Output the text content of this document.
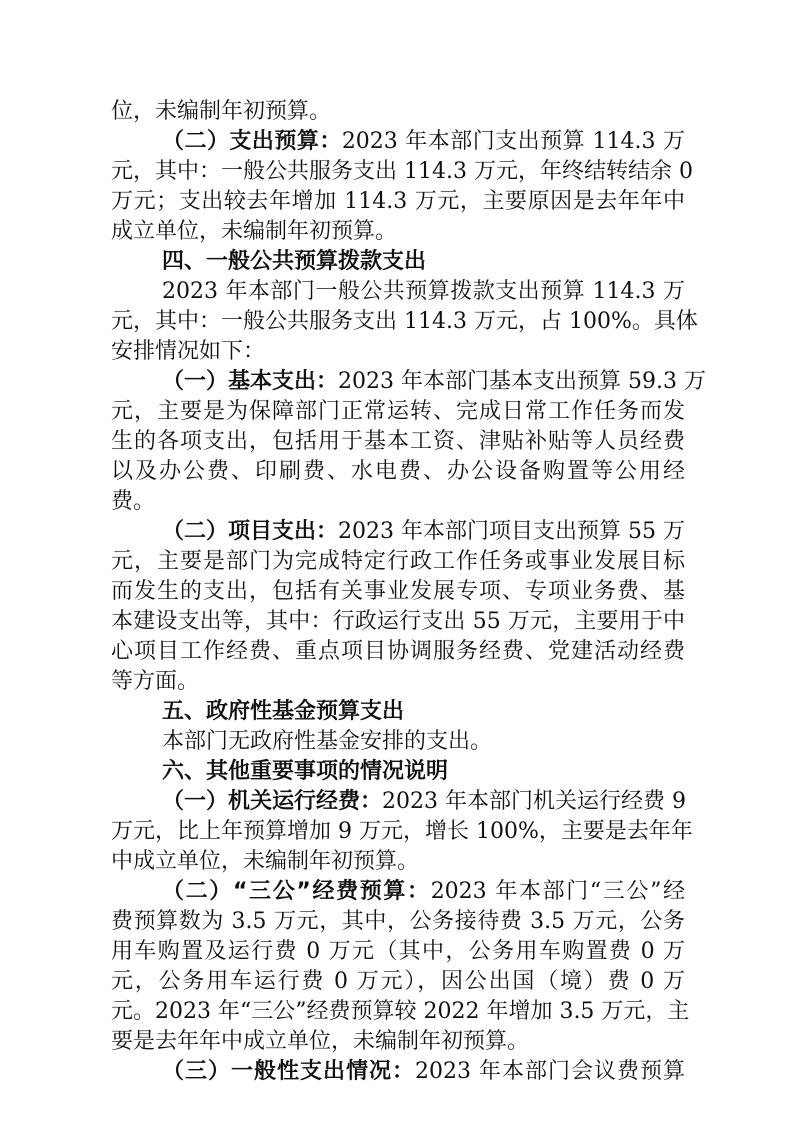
位，未编制年初预算。
（二）支出预算：2023 年本部门支出预算 114.3 万
元，其中：一般公共服务支出 114.3 万元，年终结转结余 0
万元；支出较去年增加 114.3 万元，主要原因是去年年中
成立单位，未编制年初预算。
四、一般公共预算拨款支出
2023 年本部门一般公共预算拨款支出预算 114.3 万
元，其中：一般公共服务支出 114.3 万元，占 100%。具体
安排情况如下：
（一）基本支出：2023 年本部门基本支出预算 59.3 万
元，主要是为保障部门正常运转、完成日常工作任务而发
生的各项支出，包括用于基本工资、津贴补贴等人员经费
以及办公费、印刷费、水电费、办公设备购置等公用经
费。
（二）项目支出：2023 年本部门项目支出预算 55 万
元，主要是部门为完成特定行政工作任务或事业发展目标
而发生的支出，包括有关事业发展专项、专项业务费、基
本建设支出等，其中：行政运行支出 55 万元，主要用于中
心项目工作经费、重点项目协调服务经费、党建活动经费
等方面。
五、政府性基金预算支出
本部门无政府性基金安排的支出。
六、其他重要事项的情况说明
（一）机关运行经费：2023 年本部门机关运行经费 9
万元，比上年预算增加 9 万元，增长 100%，主要是去年年
中成立单位，未编制年初预算。
（二）“三公”经费预算：2023 年本部门“三公”经
费预算数为 3.5 万元，其中，公务接待费 3.5 万元，公务
用车购置及运行费 0 万元（其中，公务用车购置费 0 万
元，公务用车运行费 0 万元），因公出国（境）费 0 万
元。2023 年“三公”经费预算较 2022 年增加 3.5 万元，主
要是去年年中成立单位，未编制年初预算。
（三）一般性支出情况：2023 年本部门会议费预算
